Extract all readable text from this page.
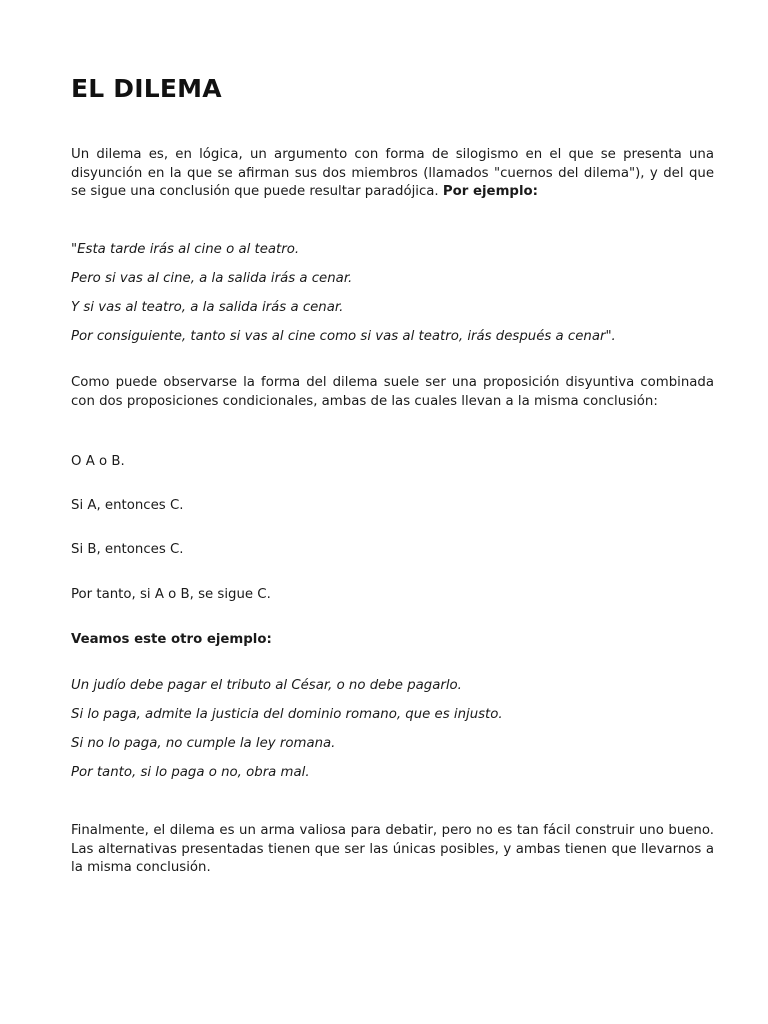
EL DILEMA

Un dilema es, en lógica, un argumento con forma de silogismo en el que se presenta una disyunción en la que se afirman sus dos miembros (llamados "cuernos del dilema"), y del que se sigue una conclusión que puede resultar paradójica. Por ejemplo:

"Esta tarde irás al cine o al teatro.

Pero si vas al cine, a la salida irás a cenar.

Y si vas al teatro, a la salida irás a cenar.

Por consiguiente, tanto si vas al cine como si vas al teatro, irás después a cenar".

Como puede observarse la forma del dilema suele ser una proposición disyuntiva combinada con dos proposiciones condicionales, ambas de las cuales llevan a la misma conclusión:

O A o B.

Si A, entonces C.

Si B, entonces C.

Por tanto, si A o B, se sigue C.

Veamos este otro ejemplo:

Un judío debe pagar el tributo al César, o no debe pagarlo.

Si lo paga, admite la justicia del dominio romano, que es injusto.

Si no lo paga, no cumple la ley romana.

Por tanto, si lo paga o no, obra mal.

Finalmente, el dilema es un arma valiosa para debatir, pero no es tan fácil construir uno bueno. Las alternativas presentadas tienen que ser las únicas posibles, y ambas tienen que llevarnos a la misma conclusión.
